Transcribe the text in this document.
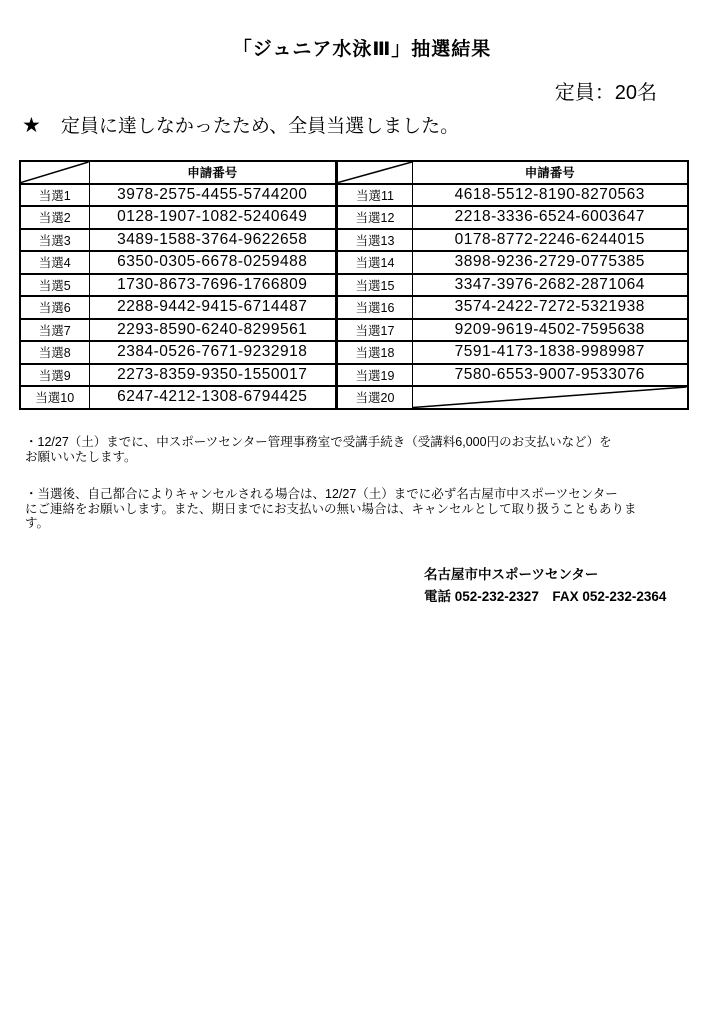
「ジュニア水泳Ⅲ」抽選結果
定員：20名
★ 定員に達しなかったため、全員当選しました。
	申請番号
当選1	3978-2575-4455-5744200
当選2	0128-1907-1082-5240649
当選3	3489-1588-3764-9622658
当選4	6350-0305-6678-0259488
当選5	1730-8673-7696-1766809
当選6	2288-9442-9415-6714487
当選7	2293-8590-6240-8299561
当選8	2384-0526-7671-9232918
当選9	2273-8359-9350-1550017
当選10	6247-4212-1308-6794425
	申請番号
当選11	4618-5512-8190-8270563
当選12	2218-3336-6524-6003647
当選13	0178-8772-2246-6244015
当選14	3898-9236-2729-0775385
当選15	3347-3976-2682-2871064
当選16	3574-2422-7272-5321938
当選17	9209-9619-4502-7595638
当選18	7591-4173-1838-9989987
当選19	7580-6553-9007-9533076
当選20	
・12/27（土）までに、中スポーツセンター管理事務室で受講手続き（受講料6,000円のお支払いなど）を
お願いいたします。
・当選後、自己都合によりキャンセルされる場合は、12/27（土）までに必ず名古屋市中スポーツセンター
にご連絡をお願いします。また、期日までにお支払いの無い場合は、キャンセルとして取り扱うこともありま
す。
名古屋市中スポーツセンター
電話 052-232-2327　FAX 052-232-2364
